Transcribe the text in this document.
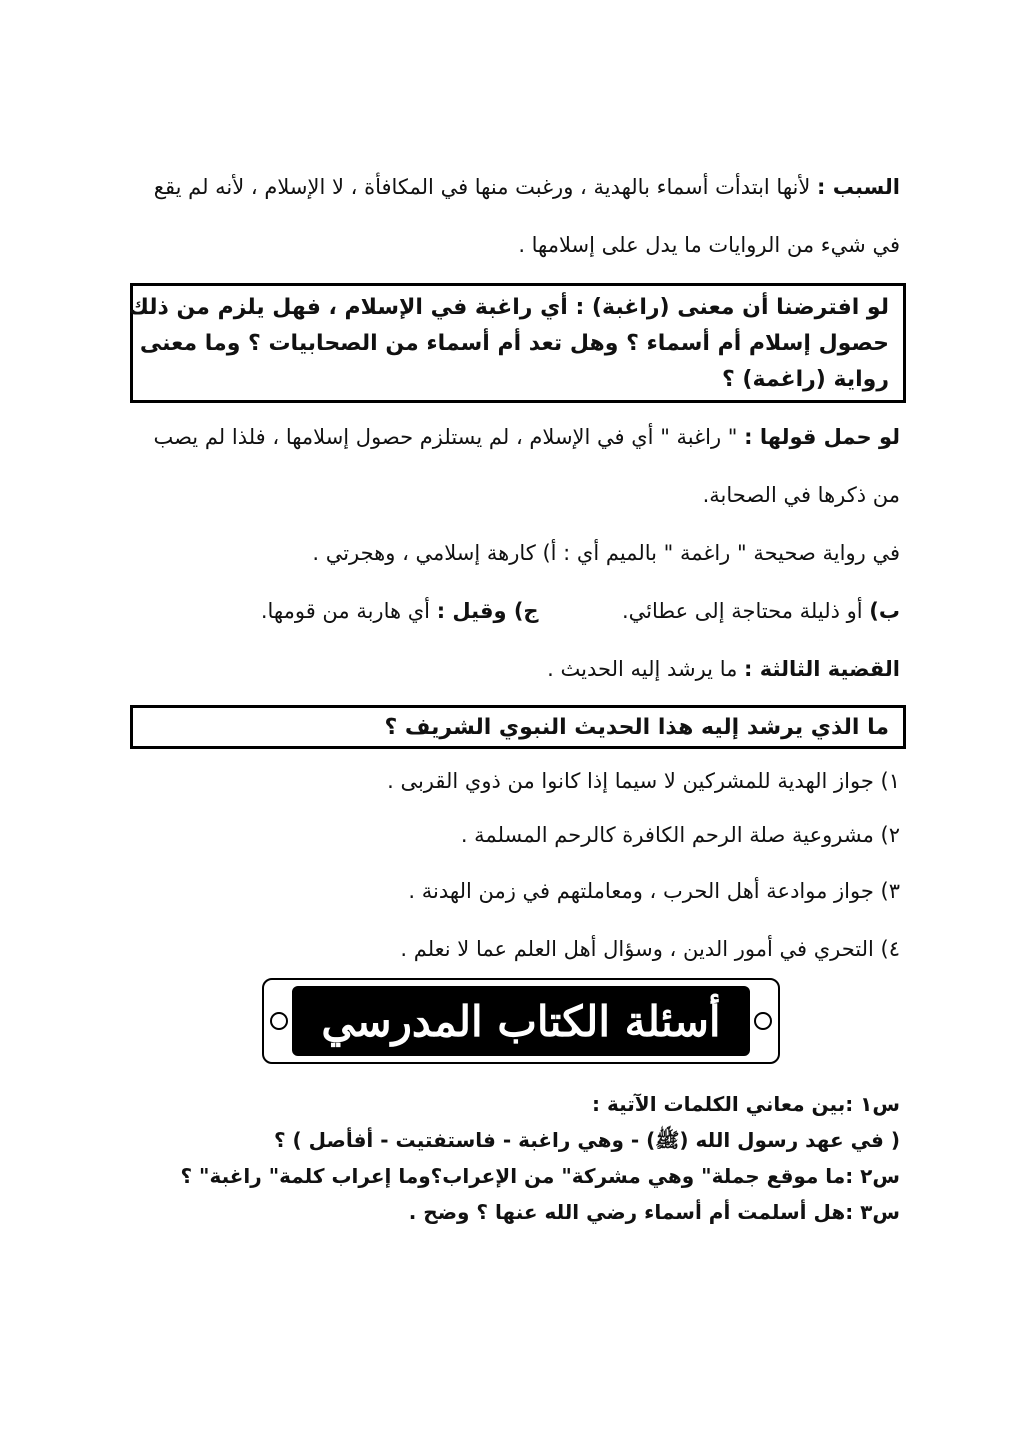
السبب : لأنها ابتدأت أسماء بالهدية ، ورغبت منها في المكافأة ، لا الإسلام ، لأنه لم يقع
في شيء من الروايات ما يدل على إسلامها .
لو افترضنا أن معنى (راغبة) : أي راغبة في الإسلام ، فهل يلزم من ذلك
حصول إسلام أم أسماء ؟ وهل تعد أم أسماء من الصحابيات ؟ وما معنى
رواية (راغمة) ؟
لو حمل قولها : " راغبة " أي في الإسلام ، لم يستلزم حصول إسلامها ، فلذا لم يصب
من ذكرها في الصحابة.
في رواية صحيحة " راغمة " بالميم أي : أ) كارهة إسلامي ، وهجرتي .
ب) أو ذليلة محتاجة إلى عطائي.  ج) وقيل : أي هاربة من قومها.
القضية الثالثة : ما يرشد إليه الحديث .
ما الذي يرشد إليه هذا الحديث النبوي الشريف ؟
١) جواز الهدية للمشركين لا سيما إذا كانوا من ذوي القربى .
٢) مشروعية صلة الرحم الكافرة كالرحم المسلمة .
٣) جواز موادعة أهل الحرب ، ومعاملتهم في زمن الهدنة .
٤) التحري في أمور الدين ، وسؤال أهل العلم عما لا نعلم .
أسئلة الكتاب المدرسي
س١ :بين معاني الكلمات الآتية :
( في عهد رسول الله (ﷺ) - وهي راغبة - فاستفتيت - أفأصل ) ؟
س٢ :ما موقع جملة" وهي مشركة" من الإعراب؟وما إعراب كلمة" راغبة" ؟
س٣ :هل أسلمت أم أسماء رضي الله عنها ؟ وضح .
